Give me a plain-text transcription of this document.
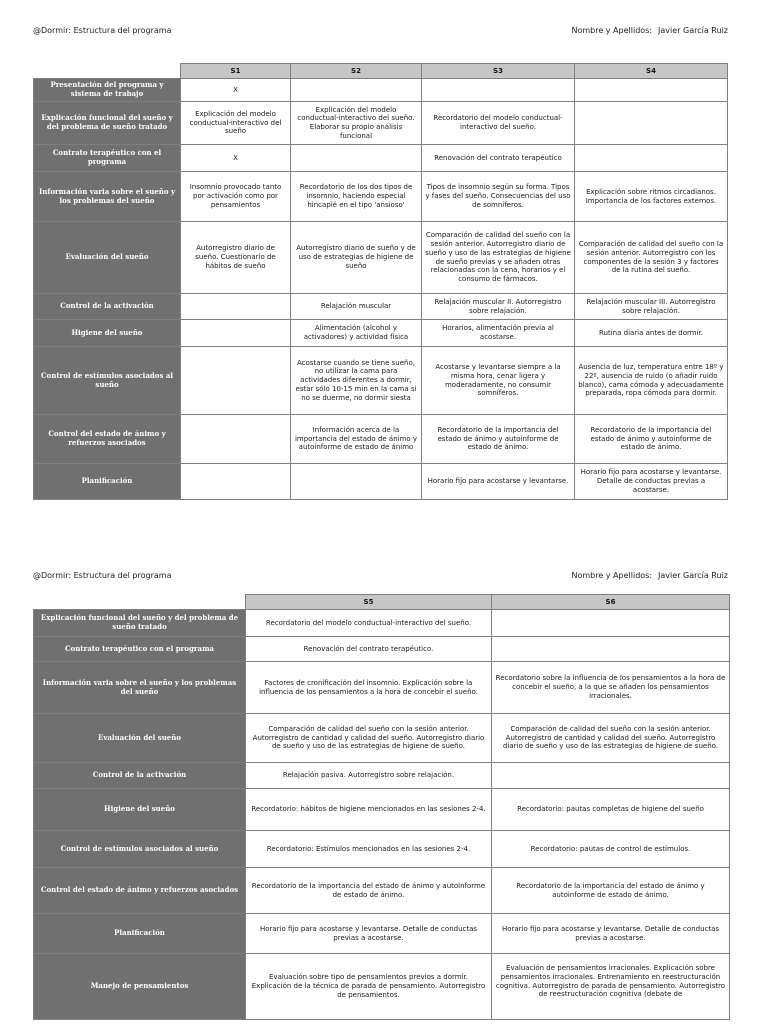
@Dormir: Estructura del programa	Nombre y Apellidos: Javier García Ruiz
	S1	S2	S3	S4
Presentación del programa y sistema de trabajo	X			
Explicación funcional del sueño y del problema de sueño tratado	Explicación del modelo conductual-interactivo del sueño	Explicación del modelo conductual-interactivo del sueño. Elaborar su propio análisis funcional	Recordatorio del modelo conductual-interactivo del sueño.	
Contrato terapéutico con el programa	X		Renovación del contrato terapéutico	
Información varia sobre el sueño y los problemas del sueño	Insomnio provocado tanto por activación como por pensamientos	Recordatorio de los dos tipos de insomnio, haciendo especial hincapié en el tipo 'ansioso'	Tipos de insomnio según su forma. Tipos y fases del sueño. Consecuencias del uso de somníferos.	Explicación sobre ritmos circadianos. Importancia de los factores externos.
Evaluación del sueño	Autorregistro diario de sueño. Cuestionario de hábitos de sueño	Autorregistro diario de sueño y de uso de estrategias de higiene de sueño	Comparación de calidad del sueño con la sesión anterior. Autorregistro diario de sueño y uso de las estrategias de higiene de sueño previas y se añaden otras relacionadas con la cena, horarios y el consumo de fármacos.	Comparación de calidad del sueño con la sesión anterior. Autorregistro con los componentes de la sesión 3 y factores de la rutina del sueño.
Control de la activación		Relajación muscular	Relajación muscular II. Autorregistro sobre relajación.	Relajación muscular III. Autorregistro sobre relajación.
Higiene del sueño		Alimentación (alcohol y activadores) y actividad física	Horarios, alimentación previa al acostarse.	Rutina diaria antes de dormir.
Control de estímulos asociados al sueño		Acostarse cuando se tiene sueño, no utilizar la cama para actividades diferentes a dormir, estar sólo 10-15 min en la cama si no se duerme, no dormir siesta	Acostarse y levantarse siempre a la misma hora, cenar ligera y moderadamente, no consumir somníferos.	Ausencia de luz, temperatura entre 18º y 22º, ausencia de ruido (o añadir ruido blanco), cama cómoda y adecuadamente preparada, ropa cómoda para dormir.
Control del estado de ánimo y refuerzos asociados		Información acerca de la importancia del estado de ánimo y autoinforme de estado de ánimo	Recordatorio de la importancia del estado de ánimo y autoinforme de estado de ánimo.	Recordatorio de la importancia del estado de ánimo y autoinforme de estado de ánimo.
Planificación			Horario fijo para acostarse y levantarse.	Horario fijo para acostarse y levantarse. Detalle de conductas previas a acostarse.
@Dormir: Estructura del programa	Nombre y Apellidos: Javier García Ruiz
	S5	S6
Explicación funcional del sueño y del problema de sueño tratado	Recordatorio del modelo conductual-interactivo del sueño.	
Contrato terapéutico con el programa	Renovación del contrato terapéutico.	
Información varia sobre el sueño y los problemas del sueño	Factores de cronificación del insomnio. Explicación sobre la influencia de los pensamientos a la hora de concebir el sueño.	Recordatorio sobre la influencia de los pensamientos a la hora de concebir el sueño, a la que se añaden los pensamientos irracionales.
Evaluación del sueño	Comparación de calidad del sueño con la sesión anterior. Autorregistro de cantidad y calidad del sueño. Autorregistro diario de sueño y uso de las estrategias de higiene de sueño.	Comparación de calidad del sueño con la sesión anterior. Autorregistro de cantidad y calidad del sueño. Autorregistro diario de sueño y uso de las estrategias de higiene de sueño.
Control de la activación	Relajación pasiva. Autorregistro sobre relajación.	
Higiene del sueño	Recordatorio: hábitos de higiene mencionados en las sesiones 2-4.	Recordatorio: pautas completas de higiene del sueño
Control de estímulos asociados al sueño	Recordatorio: Estímulos mencionados en las sesiones 2-4.	Recordatorio: pautas de control de estímulos.
Control del estado de ánimo y refuerzos asociados	Recordatorio de la importancia del estado de ánimo y autoinforme de estado de ánimo.	Recordatorio de la importancia del estado de ánimo y autoinforme de estado de ánimo.
Planificación	Horario fijo para acostarse y levantarse. Detalle de conductas previas a acostarse.	Horario fijo para acostarse y levantarse. Detalle de conductas previas a acostarse.
Manejo de pensamientos	Evaluación sobre tipo de pensamientos previos a dormir. Explicación de la técnica de parada de pensamiento. Autorregistro de pensamientos.	Evaluación de pensamientos irracionales. Explicación sobre pensamientos irracionales. Entrenamiento en reestructuración cognitiva. Autorregistro de parada de pensamiento. Autorregistro de reestructuración cognitiva (debate de
